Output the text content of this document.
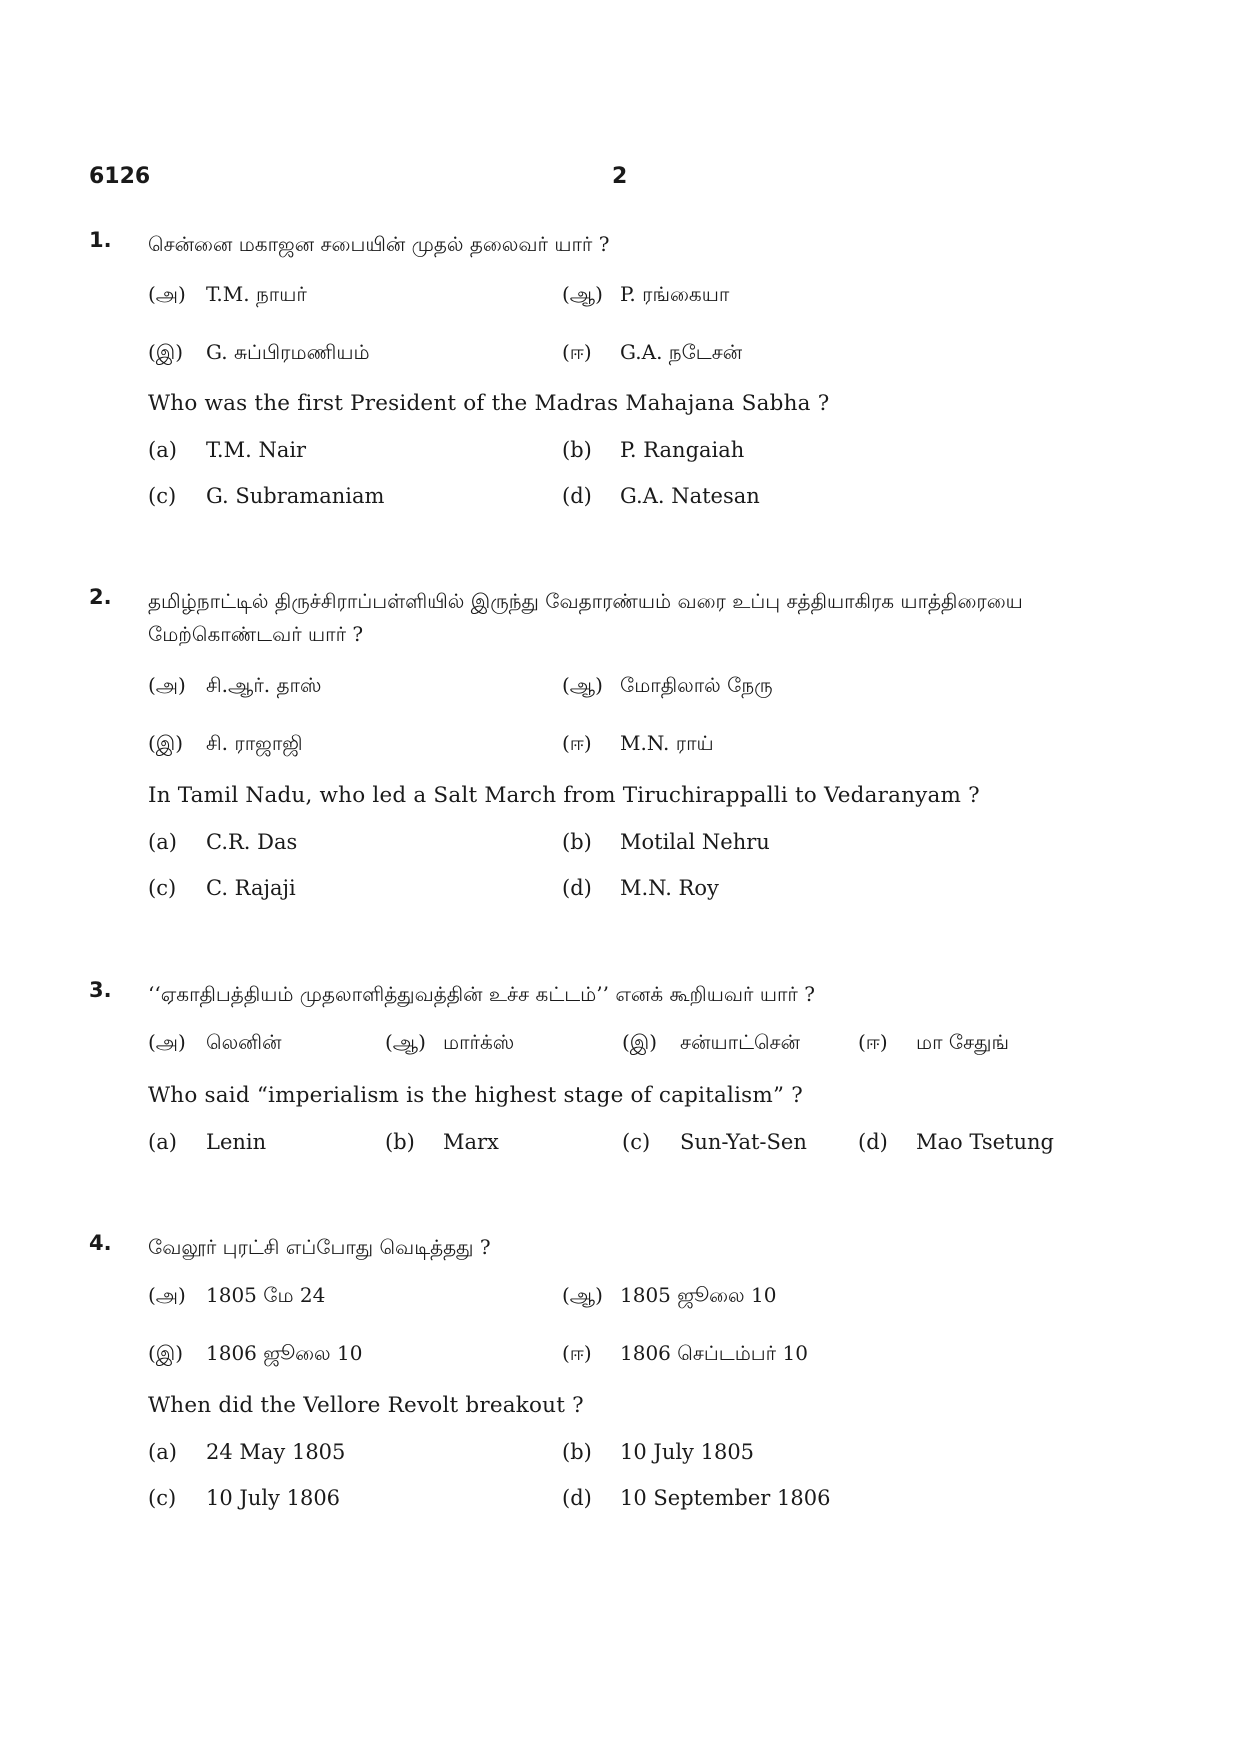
6126	2
1. சென்னை மகாஜன சபையின் முதல் தலைவர் யார் ?
(அ) T.M. நாயர்	(ஆ) P. ரங்கையா
(இ) G. சுப்பிரமணியம்	(ஈ) G.A. நடேசன்
Who was the first President of the Madras Mahajana Sabha ?
(a) T.M. Nair	(b) P. Rangaiah
(c) G. Subramaniam	(d) G.A. Natesan
2. தமிழ்நாட்டில் திருச்சிராப்பள்ளியில் இருந்து வேதாரண்யம் வரை உப்பு சத்தியாகிரக யாத்திரையை மேற்கொண்டவர் யார் ?
(அ) சி.ஆர். தாஸ்	(ஆ) மோதிலால் நேரு
(இ) சி. ராஜாஜி	(ஈ) M.N. ராய்
In Tamil Nadu, who led a Salt March from Tiruchirappalli to Vedaranyam ?
(a) C.R. Das	(b) Motilal Nehru
(c) C. Rajaji	(d) M.N. Roy
3. ‘‘ஏகாதிபத்தியம் முதலாளித்துவத்தின் உச்ச கட்டம்’’ எனக் கூறியவர் யார் ?
(அ) லெனின்	(ஆ) மார்க்ஸ்	(இ) சன்யாட்சென்	(ஈ) மா சேதுங்
Who said “imperialism is the highest stage of capitalism” ?
(a) Lenin	(b) Marx	(c) Sun-Yat-Sen (d) Mao Tsetung
4. வேலூர் புரட்சி எப்போது வெடித்தது ?
(அ) 1805 மே 24	(ஆ) 1805 ஜூலை 10
(இ) 1806 ஜூலை 10	(ஈ) 1806 செப்டம்பர் 10
When did the Vellore Revolt breakout ?
(a) 24 May 1805	(b) 10 July 1805
(c) 10 July 1806	(d) 10 September 1806
